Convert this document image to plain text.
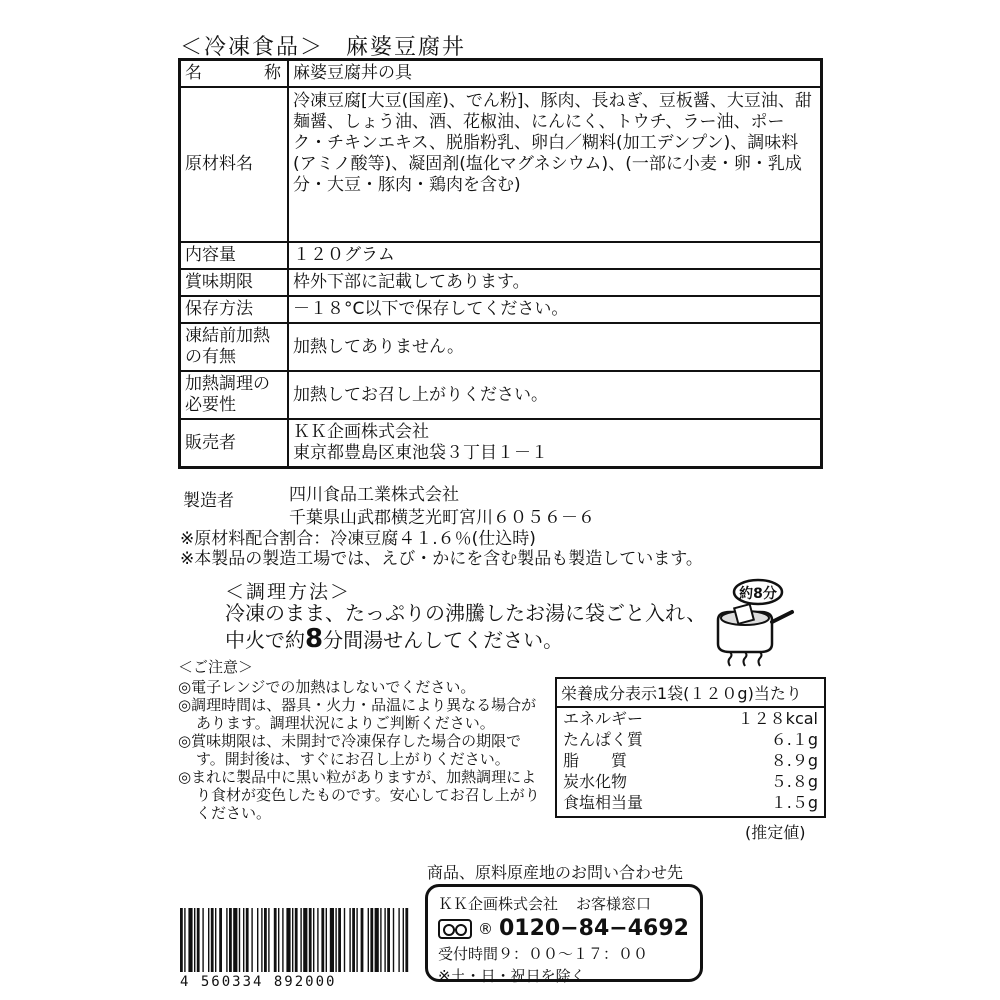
＜冷凍食品＞ 麻婆豆腐丼
名 称	麻婆豆腐丼の具
原材料名	冷凍豆腐[大豆(国産)、でん粉]、豚肉、長ねぎ、豆板醤、大豆油、甜麺醤、しょう油、酒、花椒油、にんにく、トウチ、ラー油、ポーク・チキンエキス、脱脂粉乳、卵白／糊料(加工デンプン)、調味料(アミノ酸等)、凝固剤(塩化マグネシウム)、(一部に小麦・卵・乳成分・大豆・豚肉・鶏肉を含む)
内容量	１２０グラム
賞味期限	枠外下部に記載してあります。
保存方法	－１８°C以下で保存してください。

凍結前加熱
の有無	加熱してありません。

加熱調理の
必要性	加熱してお召し上がりください。
販売者	ＫＫ企画株式会社
東京都豊島区東池袋３丁目１－１
製造者	四川食品工業株式会社
千葉県山武郡横芝光町宮川６０５６－６
※原材料配合割合：冷凍豆腐４１.６％(仕込時)
※本製品の製造工場では、えび・かにを含む製品も製造しています。
＜調理方法＞
冷凍のまま、たっぷりの沸騰したお湯に袋ごと入れ、中火で約8分間湯せんしてください。
約8分
＜ご注意＞
◎電子レンジでの加熱はしないでください。
◎調理時間は、器具・火力・品温により異なる場合があります。調理状況によりご判断ください。
◎賞味期限は、未開封で冷凍保存した場合の期限です。開封後は、すぐにお召し上がりください。
◎まれに製品中に黒い粒がありますが、加熱調理により食材が変色したものです。安心してお召し上がりください。
栄養成分表示1袋(１２０g)当たり
エネルギー	１２８kcal
たんぱく質	６.１g
脂　　質	８.９g
炭水化物	５.８g
食塩相当量	１.５g
(推定値)
商品、原料原産地のお問い合わせ先
ＫＫ企画株式会社 お客様窓口
® 0120−84−4692
受付時間９：００～１７：００
※土・日・祝日を除く
4 560334 892000
